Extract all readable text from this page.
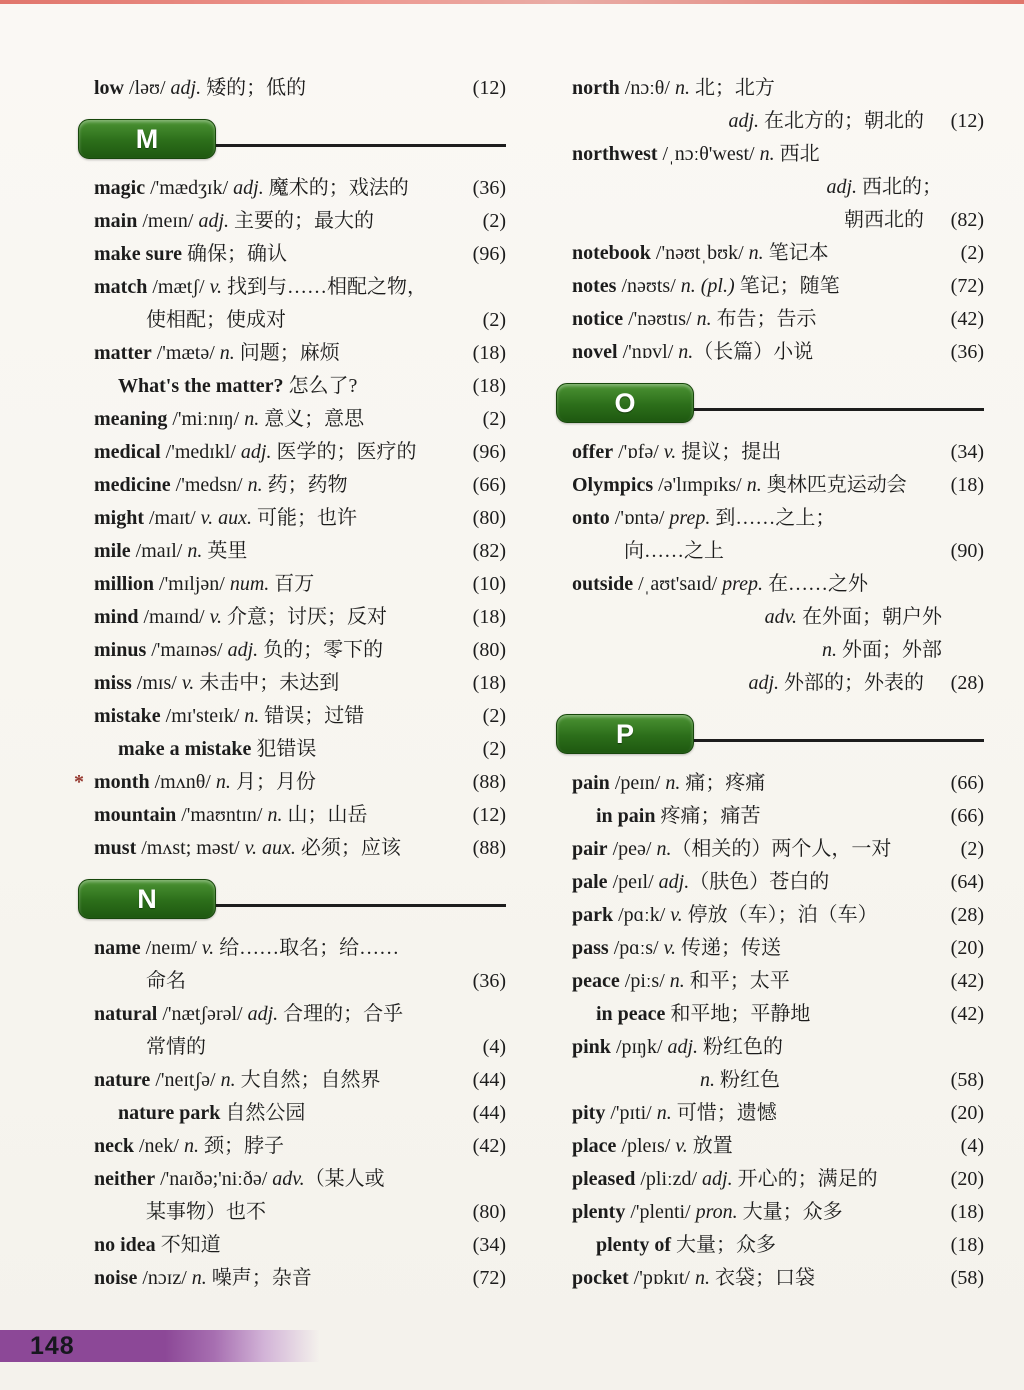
low /ləʊ/ adj. 矮的；低的	(12)
M
magic /'mædʒɪk/ adj. 魔术的；戏法的	(36)
main /meɪn/ adj. 主要的；最大的	(2)
make sure 确保；确认	(96)
match /mætʃ/ v. 找到与……相配之物，
使相配；使成对	(2)
matter /'mætə/ n. 问题；麻烦	(18)
What's the matter? 怎么了?	(18)
meaning /'miːnɪŋ/ n. 意义；意思	(2)
medical /'medɪkl/ adj. 医学的；医疗的	(96)
medicine /'medsn/ n. 药；药物	(66)
might /maɪt/ v. aux. 可能；也许	(80)
mile /maɪl/ n. 英里	(82)
million /'mɪljən/ num. 百万	(10)
mind /maɪnd/ v. 介意；讨厌；反对	(18)
minus /'maɪnəs/ adj. 负的；零下的	(80)
miss /mɪs/ v. 未击中；未达到	(18)
mistake /mɪ'steɪk/ n. 错误；过错	(2)
make a mistake 犯错误	(2)
* month /mʌnθ/ n. 月；月份	(88)
mountain /'maʊntɪn/ n. 山；山岳	(12)
must /mʌst; məst/ v. aux. 必须；应该	(88)
N
name /neɪm/ v. 给……取名；给……
命名	(36)
natural /'nætʃərəl/ adj. 合理的；合乎
常情的	(4)
nature /'neɪtʃə/ n. 大自然；自然界	(44)
nature park 自然公园	(44)
neck /nek/ n. 颈；脖子	(42)
neither /'naɪðə;'niːðə/ adv.（某人或
某事物）也不	(80)
no idea 不知道	(34)
noise /nɔɪz/ n. 噪声；杂音	(72)
north /nɔːθ/ n. 北；北方
adj. 在北方的；朝北的	(12)
northwest /ˌnɔːθ'west/ n. 西北
adj. 西北的；
朝西北的	(82)
notebook /'nəʊtˌbʊk/ n. 笔记本	(2)
notes /nəʊts/ n. (pl.) 笔记；随笔	(72)
notice /'nəʊtɪs/ n. 布告；告示	(42)
novel /'nɒvl/ n.（长篇）小说	(36)
O
offer /'ɒfə/ v. 提议；提出	(34)
Olympics /ə'lɪmpɪks/ n. 奥林匹克运动会	(18)
onto /'ɒntə/ prep. 到……之上；
向……之上	(90)
outside /ˌaʊt'saɪd/ prep. 在……之外
adv. 在外面；朝户外
n. 外面；外部
adj. 外部的；外表的	(28)
P
pain /peɪn/ n. 痛；疼痛	(66)
in pain 疼痛；痛苦	(66)
pair /peə/ n.（相关的）两个人，一对	(2)
pale /peɪl/ adj.（肤色）苍白的	(64)
park /pɑːk/ v. 停放（车）；泊（车）	(28)
pass /pɑːs/ v. 传递；传送	(20)
peace /piːs/ n. 和平；太平	(42)
in peace 和平地；平静地	(42)
pink /pɪŋk/ adj. 粉红色的
n. 粉红色	(58)
pity /'pɪti/ n. 可惜；遗憾	(20)
place /pleɪs/ v. 放置	(4)
pleased /pliːzd/ adj. 开心的；满足的	(20)
plenty /'plenti/ pron. 大量；众多	(18)
plenty of 大量；众多	(18)
pocket /'pɒkɪt/ n. 衣袋；口袋	(58)
148
